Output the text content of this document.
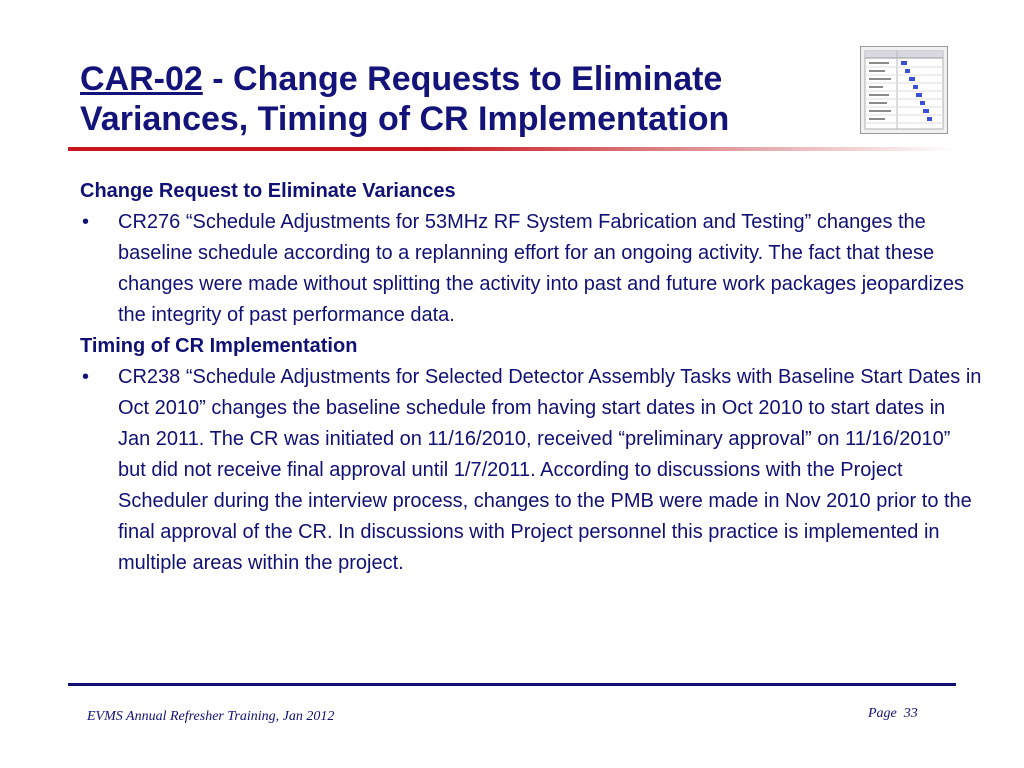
CAR-02 - Change Requests to Eliminate Variances, Timing of CR Implementation

Change Request to Eliminate Variances

• CR276 “Schedule Adjustments for 53MHz RF System Fabrication and Testing” changes the baseline schedule according to a replanning effort for an ongoing activity. The fact that these changes were made without splitting the activity into past and future work packages jeopardizes the integrity of past performance data.

Timing of CR Implementation

• CR238 “Schedule Adjustments for Selected Detector Assembly Tasks with Baseline Start Dates in Oct 2010” changes the baseline schedule from having start dates in Oct 2010 to start dates in Jan 2011. The CR was initiated on 11/16/2010, received “preliminary approval” on 11/16/2010” but did not receive final approval until 1/7/2011. According to discussions with the Project Scheduler during the interview process, changes to the PMB were made in Nov 2010 prior to the final approval of the CR. In discussions with Project personnel this practice is implemented in multiple areas within the project.

EVMS Annual Refresher Training, Jan 2012	Page 33
